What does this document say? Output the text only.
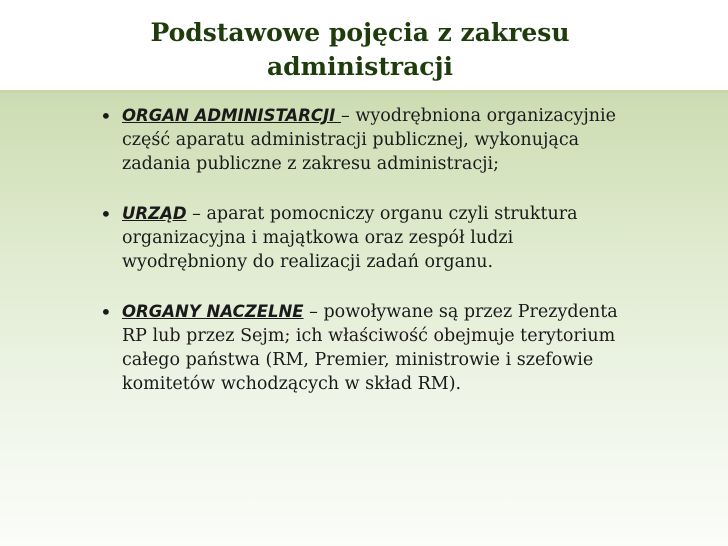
Podstawowe pojęcia z zakresu administracji
• ORGAN ADMINISTARCJI – wyodrębniona organizacyjnie część aparatu administracji publicznej, wykonująca zadania publiczne z zakresu administracji;
• URZĄD – aparat pomocniczy organu czyli struktura organizacyjna i majątkowa oraz zespół ludzi wyodrębniony do realizacji zadań organu.
• ORGANY NACZELNE – powoływane są przez Prezydenta RP lub przez Sejm; ich właściwość obejmuje terytorium całego państwa (RM, Premier, ministrowie i szefowie komitetów wchodzących w skład RM).
